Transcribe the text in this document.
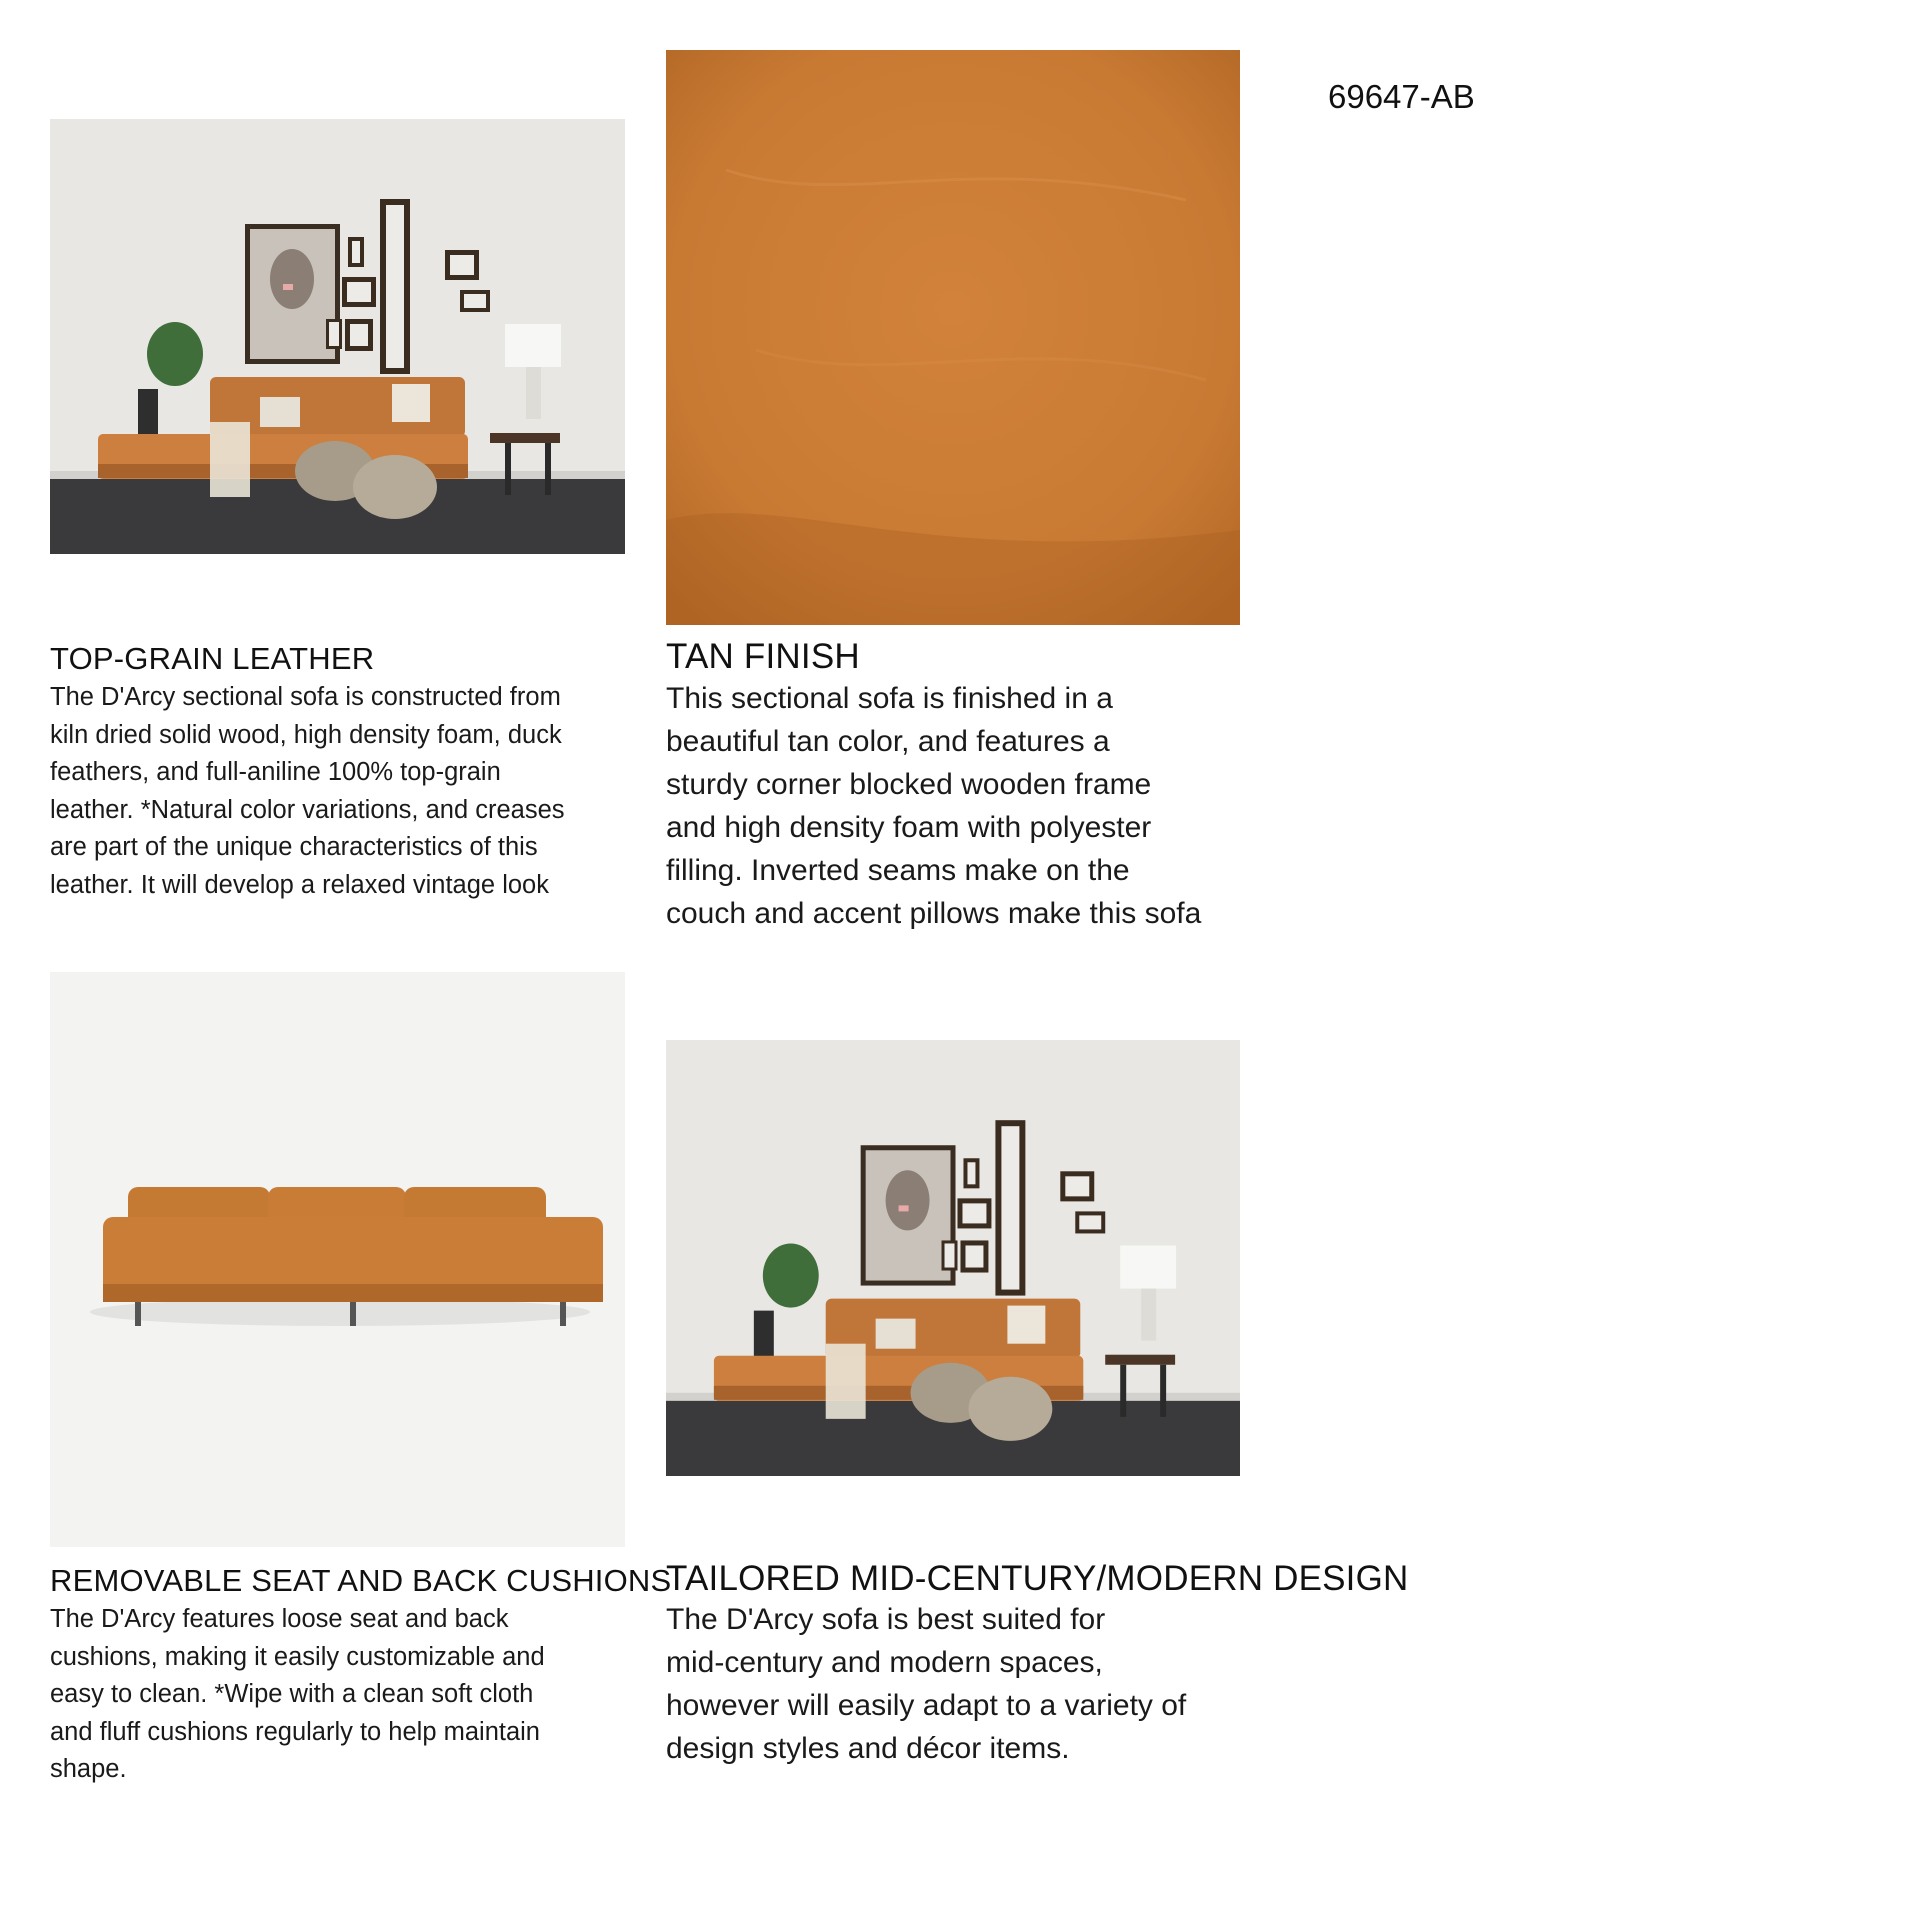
69647-AB
TOP-GRAIN LEATHER
The D'Arcy sectional sofa is constructed from
kiln dried solid wood, high density foam, duck
feathers, and full-aniline 100% top-grain
leather. *Natural color variations, and creases
are part of the unique characteristics of this
leather. It will develop a relaxed vintage look
TAN FINISH
This sectional sofa is finished in a
beautiful tan color, and features a
sturdy corner blocked wooden frame
and high density foam with polyester
filling. Inverted seams make on the
couch and accent pillows make this sofa
REMOVABLE SEAT AND BACK CUSHIONS
The D'Arcy features loose seat and back
cushions, making it easily customizable and
easy to clean. *Wipe with a clean soft cloth
and fluff cushions regularly to help maintain
shape.
TAILORED MID-CENTURY/MODERN DESIGN
The D'Arcy sofa is best suited for
mid-century and modern spaces,
however will easily adapt to a variety of
design styles and décor items.
